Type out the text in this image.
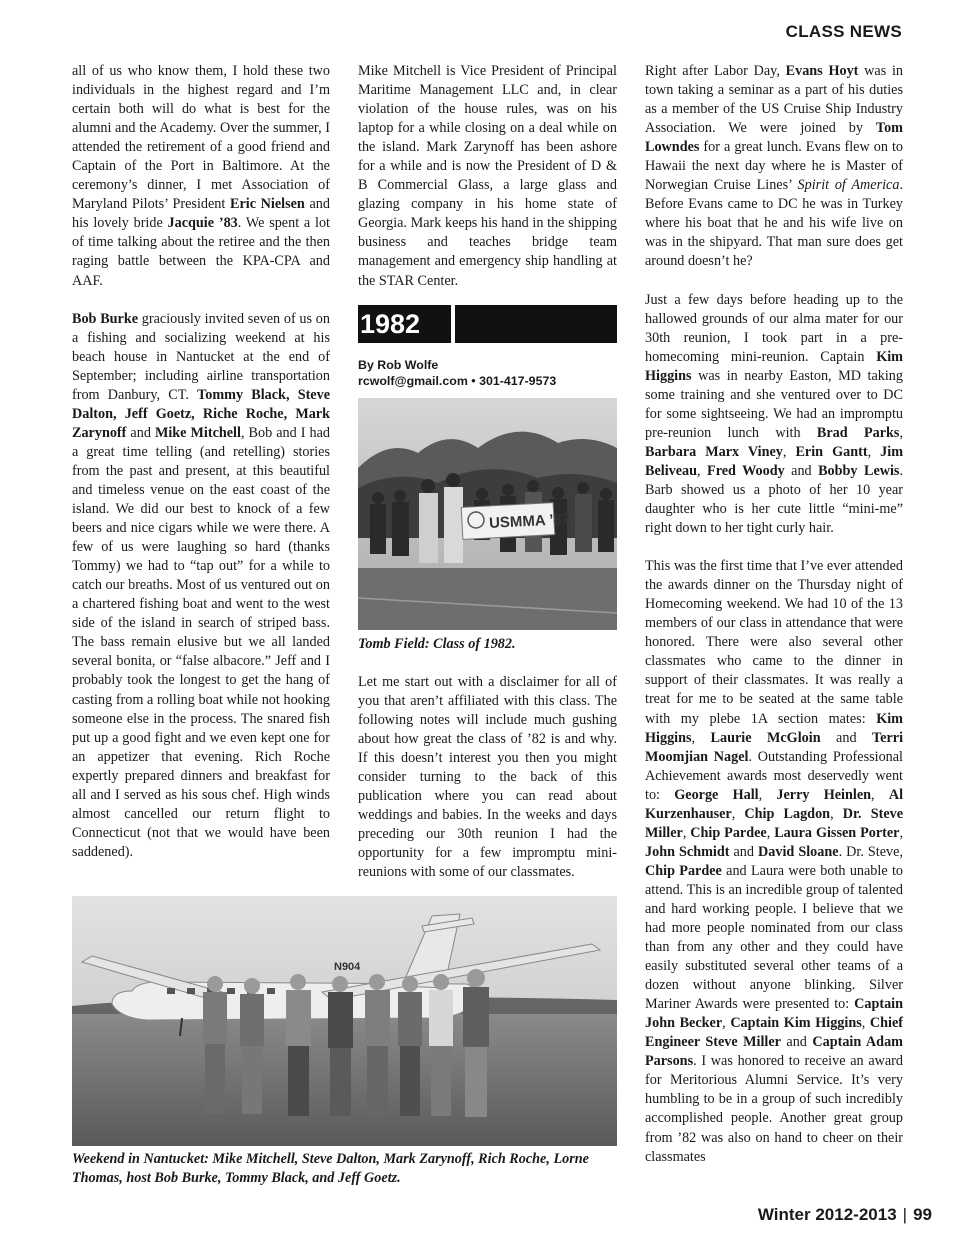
CLASS NEWS

all of us who know them, I hold these two individuals in the highest regard and I’m certain both will do what is best for the alumni and the Academy. Over the summer, I attended the retirement of a good friend and Captain of the Port in Baltimore. At the ceremony’s dinner, I met Association of Maryland Pilots’ President Eric Nielsen and his lovely bride Jacquie ’83. We spent a lot of time talking about the retiree and the then raging battle between the KPA-CPA and AAF.

Bob Burke graciously invited seven of us on a fishing and socializing weekend at his beach house in Nantucket at the end of September; including airline transportation from Danbury, CT. Tommy Black, Steve Dalton, Jeff Goetz, Riche Roche, Mark Zarynoff and Mike Mitchell, Bob and I had a great time telling (and retelling) stories from the past and present, at this beautiful and timeless venue on the east coast of the island. We did our best to knock of a few beers and nice cigars while we were there. A few of us were laughing so hard (thanks Tommy) we had to “tap out” for a while to catch our breaths. Most of us ventured out on a chartered fishing boat and went to the west side of the island in search of striped bass. The bass remain elusive but we all landed several bonita, or “false albacore.” Jeff and I probably took the longest to get the hang of casting from a rolling boat while not hooking someone else in the process. The snared fish put up a good fight and we even kept one for an appetizer that evening. Rich Roche expertly prepared dinners and breakfast for all and I served as his sous chef. High winds almost cancelled our return flight to Connecticut (not that we would have been saddened).

Mike Mitchell is Vice President of Principal Maritime Management LLC and, in clear violation of the house rules, was on his laptop for a while closing on a deal while on the island. Mark Zarynoff has been ashore for a while and is now the President of D & B Commercial Glass, a large glass and glazing company in his home state of Georgia. Mark keeps his hand in the shipping business and teaches bridge team management and emergency ship handling at the STAR Center.

1982
By Rob Wolfe
rcwolf@gmail.com • 301-417-9573
USMMA ’82
Tomb Field: Class of 1982.

Let me start out with a disclaimer for all of you that aren’t affiliated with this class. The following notes will include much gushing about how great the class of ’82 is and why. If this doesn’t interest you then you might consider turning to the back of this publication where you can read about weddings and babies. In the weeks and days preceding our 30th reunion I had the opportunity for a few impromptu mini-reunions with some of our classmates.

Right after Labor Day, Evans Hoyt was in town taking a seminar as a part of his duties as a member of the US Cruise Ship Industry Association. We were joined by Tom Lowndes for a great lunch. Evans flew on to Hawaii the next day where he is Master of Norwegian Cruise Lines’ Spirit of America. Before Evans came to DC he was in Turkey where his boat that he and his wife live on was in the shipyard. That man sure does get around doesn’t he?

Just a few days before heading up to the hallowed grounds of our alma mater for our 30th reunion, I took part in a pre-homecoming mini-reunion. Captain Kim Higgins was in nearby Easton, MD taking some training and she ventured over to DC for some sightseeing. We had an impromptu pre-reunion lunch with Brad Parks, Barbara Marx Viney, Erin Gantt, Jim Beliveau, Fred Woody and Bobby Lewis. Barb showed us a photo of her 10 year daughter who is her cute little “mini-me” right down to her tight curly hair.

This was the first time that I’ve ever attended the awards dinner on the Thursday night of Homecoming weekend. We had 10 of the 13 members of our class in attendance that were honored. There were also several other classmates who came to the dinner in support of their classmates. It was really a treat for me to be seated at the same table with my plebe 1A section mates: Kim Higgins, Laurie McGloin and Terri Moomjian Nagel. Outstanding Professional Achievement awards most deservedly went to: George Hall, Jerry Heinlen, Al Kurzenhauser, Chip Lagdon, Dr. Steve Miller, Chip Pardee, Laura Gissen Porter, John Schmidt and David Sloane. Dr. Steve, Chip Pardee and Laura were both unable to attend. This is an incredible group of talented and hard working people. I believe that we had more people nominated from our class than from any other and they could have easily substituted several other teams of a dozen without anyone blinking. Silver Mariner Awards were presented to: Captain John Becker, Captain Kim Higgins, Chief Engineer Steve Miller and Captain Adam Parsons. I was honored to receive an award for Meritorious Alumni Service. It’s very humbling to be in a group of such incredibly accomplished people. Another great group from ’82 was also on hand to cheer on their classmates

N904
Weekend in Nantucket: Mike Mitchell, Steve Dalton, Mark Zarynoff, Rich Roche, Lorne Thomas, host Bob Burke, Tommy Black, and Jeff Goetz.
Winter 2012-2013 | 99
